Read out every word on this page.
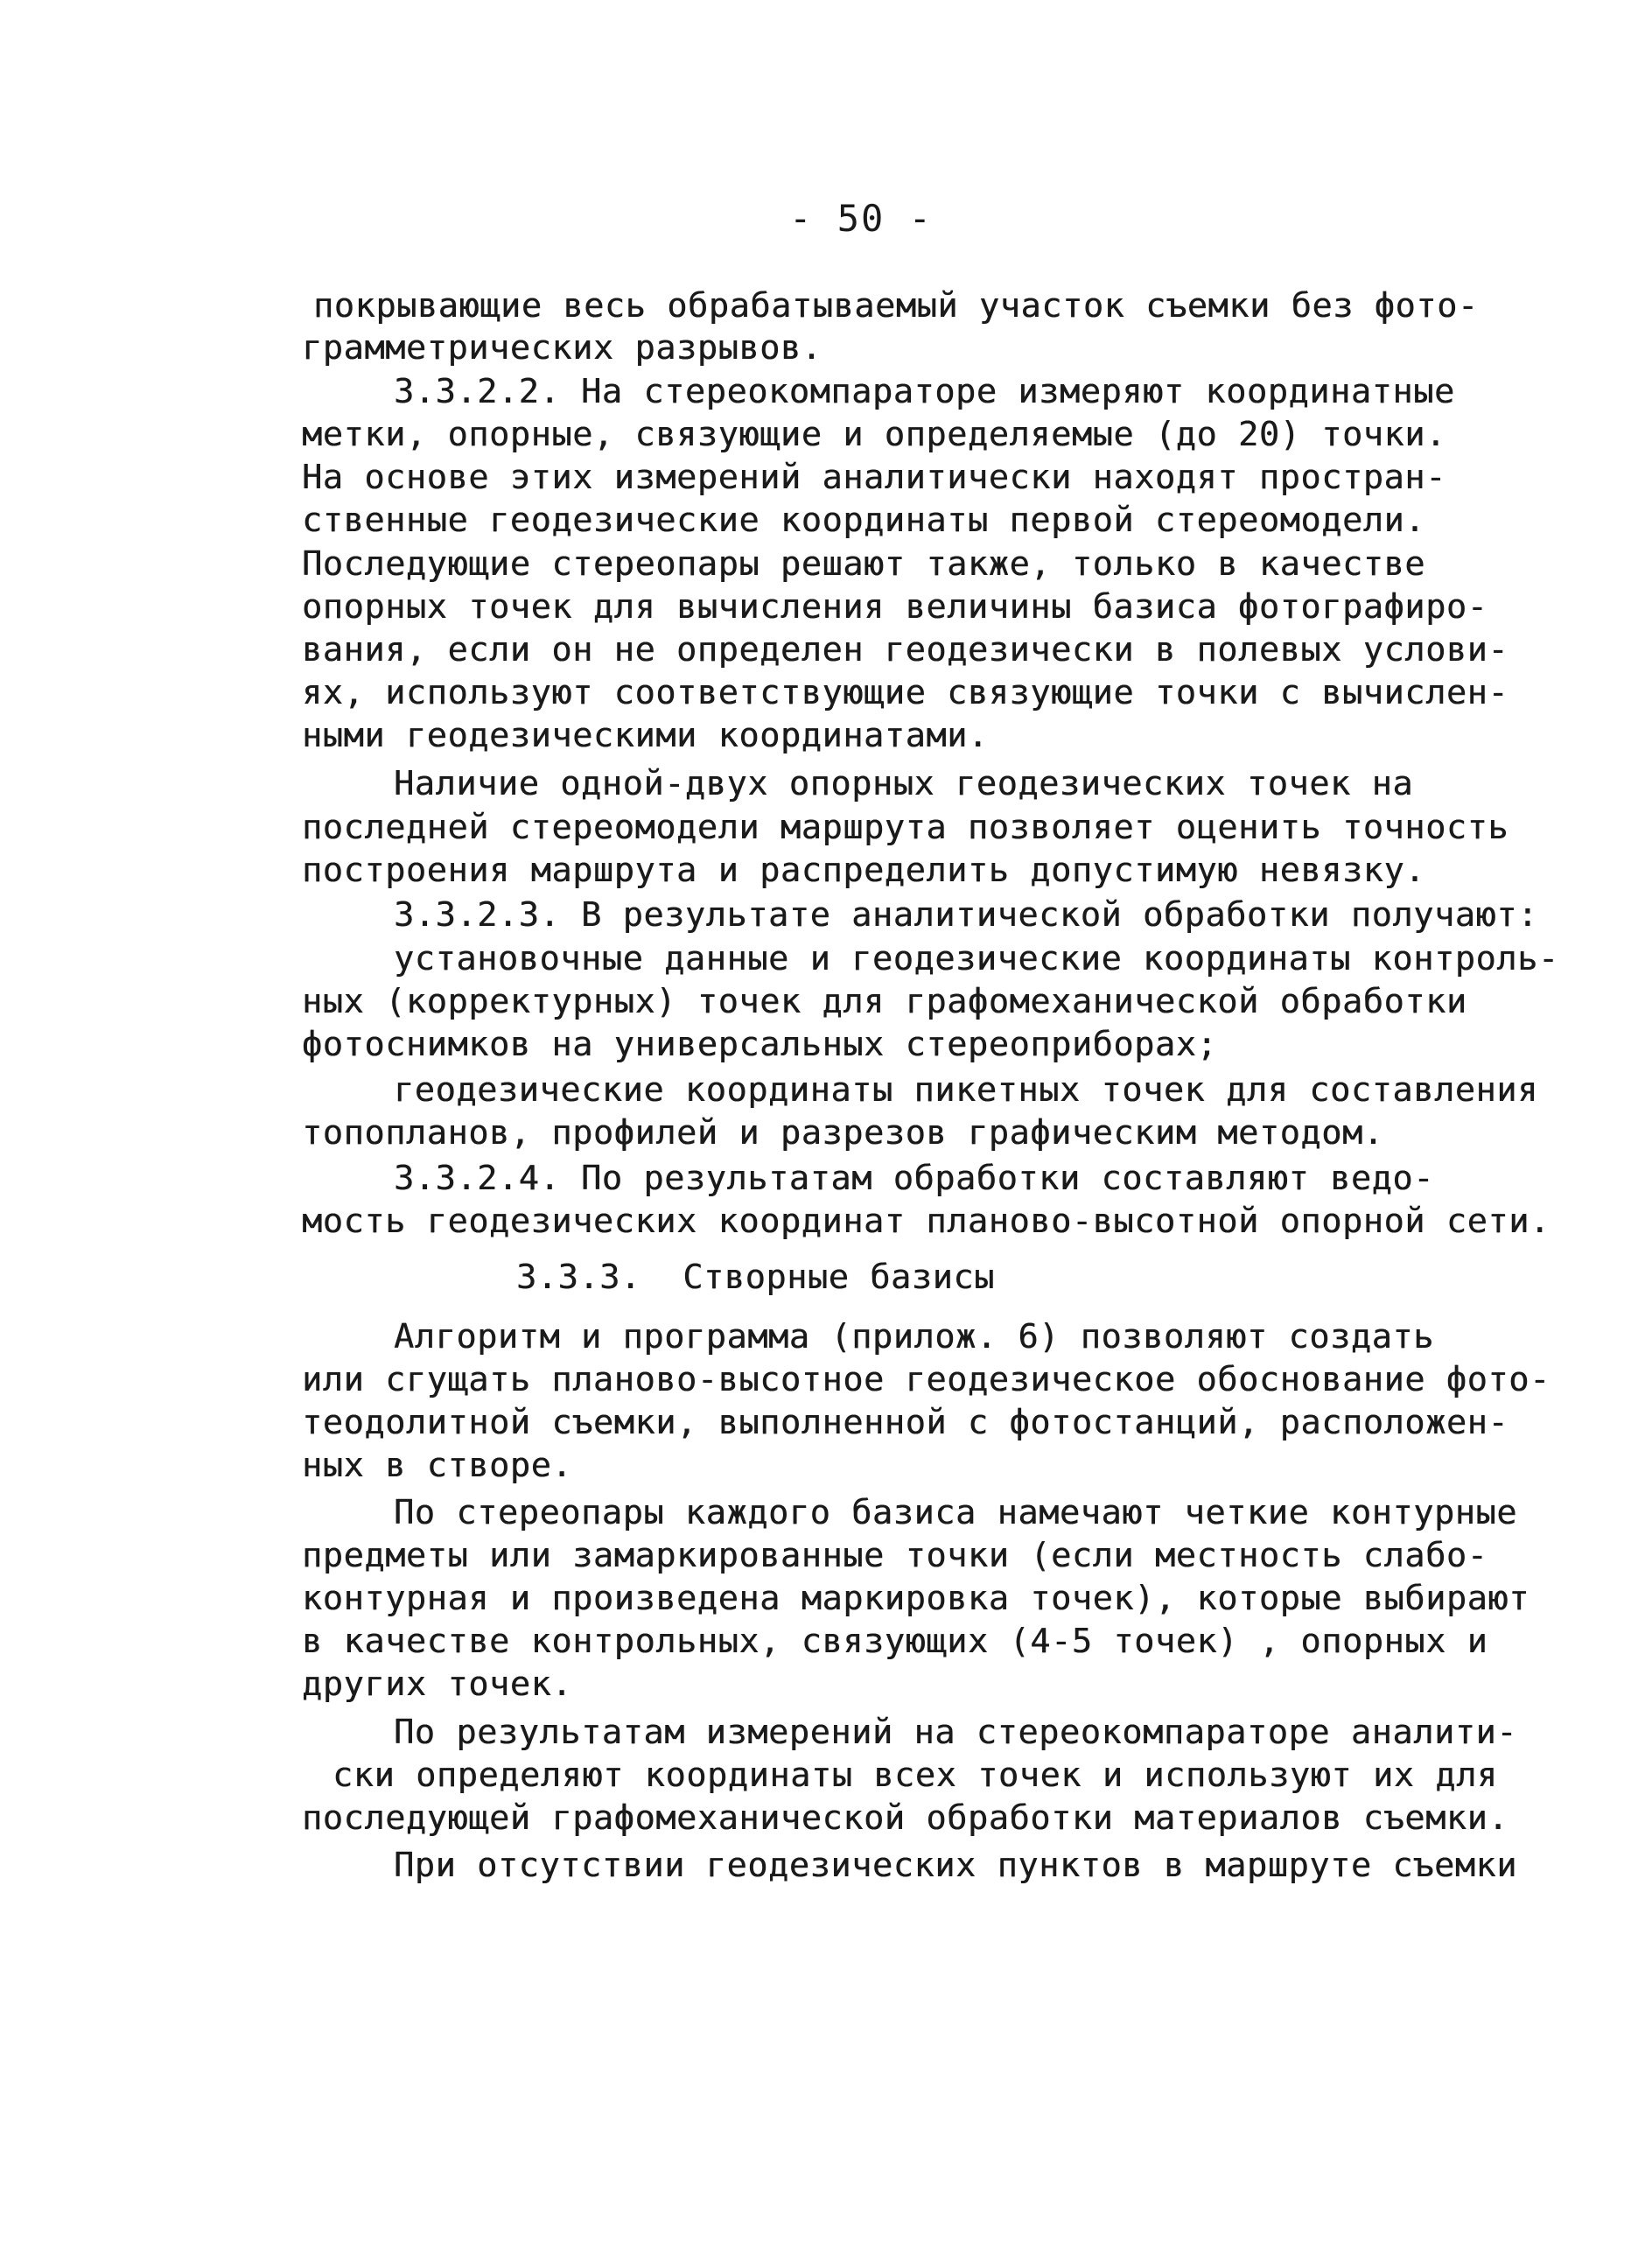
- 50 -
покрывающие весь обрабатываемый участок съемки без фото-
грамметрических разрывов.
3.3.2.2. На стереокомпараторе измеряют координатные
метки, опорные, связующие и определяемые (до 20) точки.
На основе этих измерений аналитически находят простран-
ственные геодезические координаты первой стереомодели.
Последующие стереопары решают также, только в качестве
опорных точек для вычисления величины базиса фотографиро-
вания, если он не определен геодезически в полевых услови-
ях, используют соответствующие связующие точки с вычислен-
ными геодезическими координатами.
Наличие одной-двух опорных геодезических точек на
последней стереомодели маршрута позволяет оценить точность
построения маршрута и распределить допустимую невязку.
3.3.2.3. В результате аналитической обработки получают:
установочные данные и геодезические координаты контроль-
ных (корректурных) точек для графомеханической обработки
фотоснимков на универсальных стереоприборах;
геодезические координаты пикетных точек для составления
топопланов, профилей и разрезов графическим методом.
3.3.2.4. По результатам обработки составляют ведо-
мость геодезических координат планово-высотной опорной сети.
3.3.3.  Створные базисы
Алгоритм и программа (прилож. 6) позволяют создать
или сгущать планово-высотное геодезическое обоснование фото-
теодолитной съемки, выполненной с фотостанций, расположен-
ных в створе.
По стереопары каждого базиса намечают четкие контурные
предметы или замаркированные точки (если местность слабо-
контурная и произведена маркировка точек), которые выбирают
в качестве контрольных, связующих (4-5 точек) , опорных и
других точек.
По результатам измерений на стереокомпараторе аналити-
ски определяют координаты всех точек и используют их для
последующей графомеханической обработки материалов съемки.
При отсутствии геодезических пунктов в маршруте съемки
